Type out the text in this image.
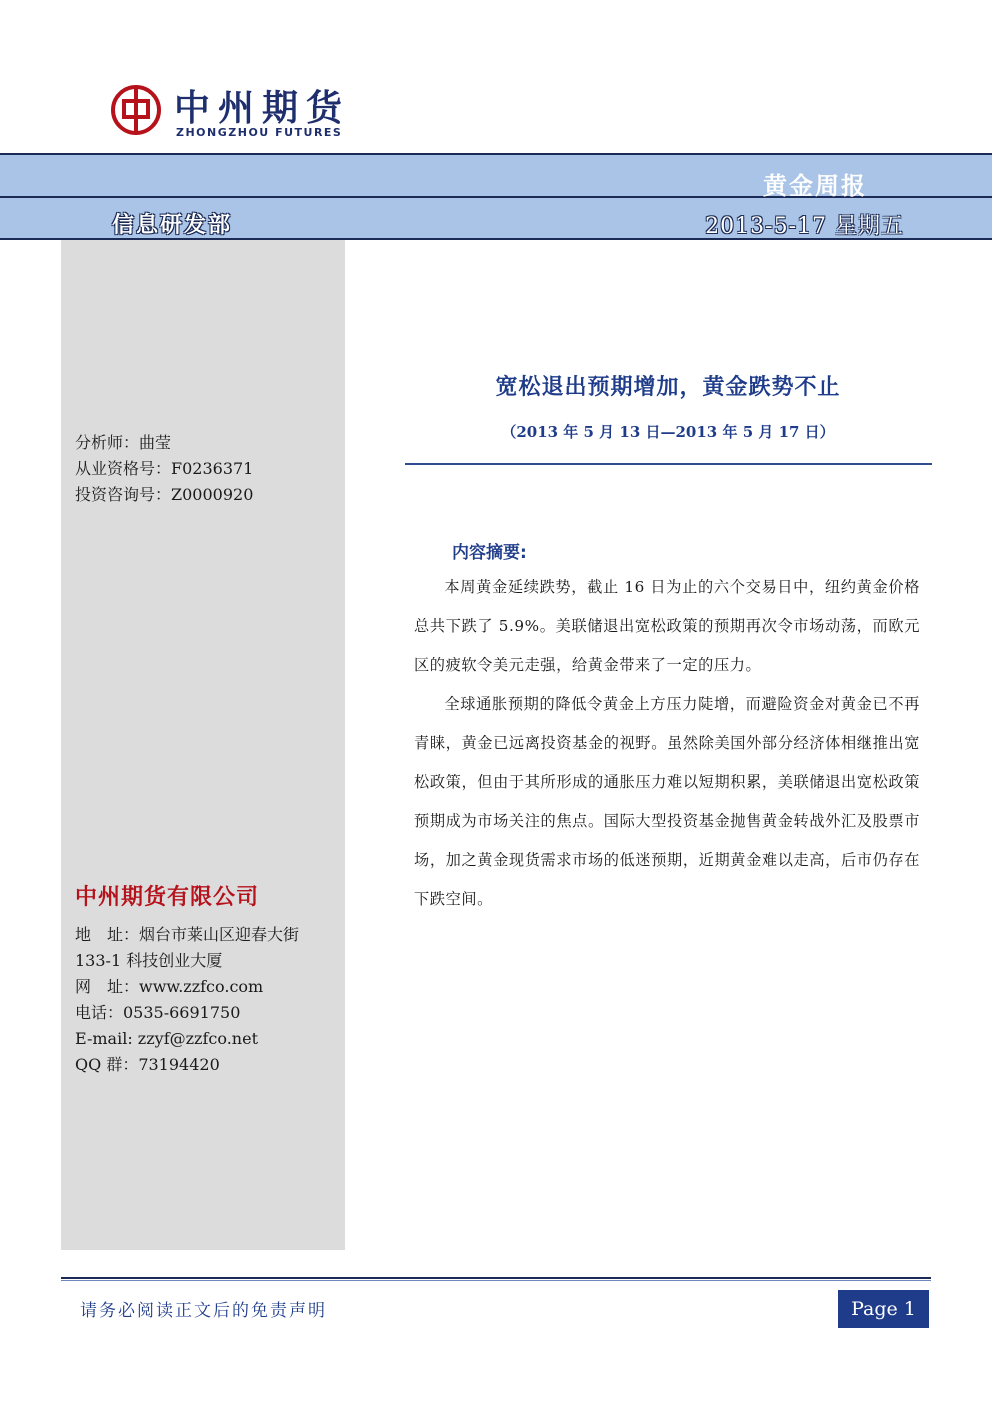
中州期货
ZHONGZHOU FUTURES
黄金周报
信息研发部	2013-5-17 星期五
分析师：曲莹
从业资格号：F0236371
投资咨询号：Z0000920
中州期货有限公司
地　址：烟台市莱山区迎春大街
133-1 科技创业大厦
网　址：www.zzfco.com
电话：0535-6691750
E-mail: zzyf@zzfco.net
QQ 群：73194420
宽松退出预期增加，黄金跌势不止
（2013 年 5 月 13 日—2013 年 5 月 17 日）
内容摘要:
本周黄金延续跌势，截止 16 日为止的六个交易日中，纽约黄金价格总共下跌了 5.9%。美联储退出宽松政策的预期再次令市场动荡，而欧元区的疲软令美元走强，给黄金带来了一定的压力。
全球通胀预期的降低令黄金上方压力陡增，而避险资金对黄金已不再青睐，黄金已远离投资基金的视野。虽然除美国外部分经济体相继推出宽松政策，但由于其所形成的通胀压力难以短期积累，美联储退出宽松政策预期成为市场关注的焦点。国际大型投资基金抛售黄金转战外汇及股票市场，加之黄金现货需求市场的低迷预期，近期黄金难以走高，后市仍存在下跌空间。
请务必阅读正文后的免责声明	Page 1
